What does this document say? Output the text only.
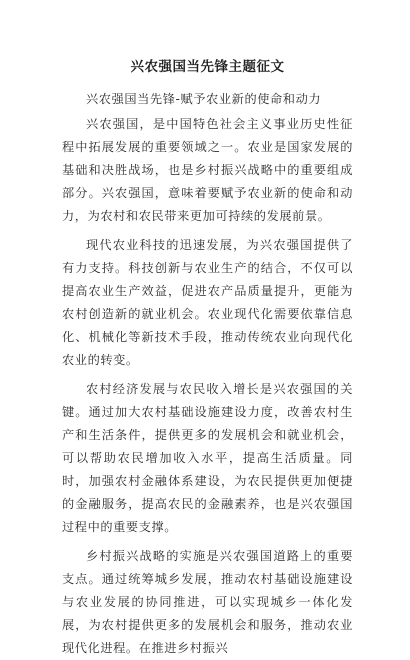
兴农强国当先锋主题征文
兴农强国当先锋-赋予农业新的使命和动力

兴农强国，是中国特色社会主义事业历史性征程中拓展发展的重要领域之一。农业是国家发展的基础和决胜战场，也是乡村振兴战略中的重要组成部分。兴农强国，意味着要赋予农业新的使命和动力，为农村和农民带来更加可持续的发展前景。

现代农业科技的迅速发展，为兴农强国提供了有力支持。科技创新与农业生产的结合，不仅可以提高农业生产效益，促进农产品质量提升，更能为农村创造新的就业机会。农业现代化需要依靠信息化、机械化等新技术手段，推动传统农业向现代化农业的转变。

农村经济发展与农民收入增长是兴农强国的关键。通过加大农村基础设施建设力度，改善农村生产和生活条件，提供更多的发展机会和就业机会，可以帮助农民增加收入水平，提高生活质量。同时，加强农村金融体系建设，为农民提供更加便捷的金融服务，提高农民的金融素养，也是兴农强国过程中的重要支撑。

乡村振兴战略的实施是兴农强国道路上的重要支点。通过统筹城乡发展，推动农村基础设施建设与农业发展的协同推进，可以实现城乡一体化发展，为农村提供更多的发展机会和服务，推动农业现代化进程。在推进乡村振兴
